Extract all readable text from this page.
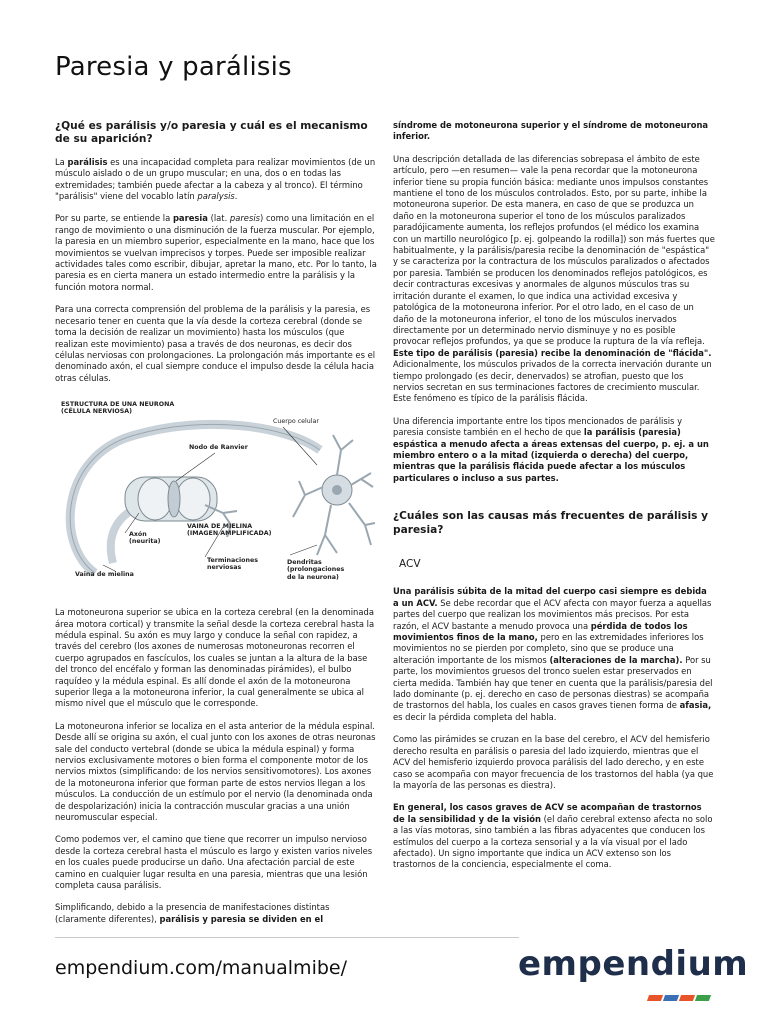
Paresia y parálisis
¿Qué es parálisis y/o paresia y cuál es el mecanismo de su aparición?

La parálisis es una incapacidad completa para realizar movimientos (de un músculo aislado o de un grupo muscular; en una, dos o en todas las extremidades; también puede afectar a la cabeza y al tronco). El término "parálisis" viene del vocablo latín paralysis.

Por su parte, se entiende la paresia (lat. paresis) como una limitación en el rango de movimiento o una disminución de la fuerza muscular. Por ejemplo, la paresia en un miembro superior, especialmente en la mano, hace que los movimientos se vuelvan imprecisos y torpes. Puede ser imposible realizar actividades tales como escribir, dibujar, apretar la mano, etc. Por lo tanto, la paresia es en cierta manera un estado intermedio entre la parálisis y la función motora normal.

Para una correcta comprensión del problema de la parálisis y la paresia, es necesario tener en cuenta que la vía desde la corteza cerebral (donde se toma la decisión de realizar un movimiento) hasta los músculos (que realizan este movimiento) pasa a través de dos neuronas, es decir dos células nerviosas con prolongaciones. La prolongación más importante es el denominado axón, el cual siempre conduce el impulso desde la célula hacia otras células.

ESTRUCTURA DE UNA NEURONA
(CÉLULA NERVIOSA)
Cuerpo celular
Nodo de Ranvier
VAINA DE MIELINA
(IMAGEN AMPLIFICADA)
Axón
(neurita)
Terminaciones
nerviosas
Dendritas (prolongaciones
de la neurona)
Vaina de mielina

La motoneurona superior se ubica en la corteza cerebral (en la denominada área motora cortical) y transmite la señal desde la corteza cerebral hasta la médula espinal. Su axón es muy largo y conduce la señal con rapidez, a través del cerebro (los axones de numerosas motoneuronas recorren el cuerpo agrupados en fascículos, los cuales se juntan a la altura de la base del tronco del encéfalo y forman las denominadas pirámides), el bulbo raquídeo y la médula espinal. Es allí donde el axón de la motoneurona superior llega a la motoneurona inferior, la cual generalmente se ubica al mismo nivel que el músculo que le corresponde.

La motoneurona inferior se localiza en el asta anterior de la médula espinal. Desde allí se origina su axón, el cual junto con los axones de otras neuronas sale del conducto vertebral (donde se ubica la médula espinal) y forma nervios exclusivamente motores o bien forma el componente motor de los nervios mixtos (simplificando: de los nervios sensitivomotores). Los axones de la motoneurona inferior que forman parte de estos nervios llegan a los músculos. La conducción de un estímulo por el nervio (la denominada onda de despolarización) inicia la contracción muscular gracias a una unión neuromuscular especial.

Como podemos ver, el camino que tiene que recorrer un impulso nervioso desde la corteza cerebral hasta el músculo es largo y existen varios niveles en los cuales puede producirse un daño. Una afectación parcial de este camino en cualquier lugar resulta en una paresia, mientras que una lesión completa causa parálisis.

Simplificando, debido a la presencia de manifestaciones distintas (claramente diferentes), parálisis y paresia se dividen en el

síndrome de motoneurona superior y el síndrome de motoneurona inferior.

Una descripción detallada de las diferencias sobrepasa el ámbito de este artículo, pero —en resumen— vale la pena recordar que la motoneurona inferior tiene su propia función básica: mediante unos impulsos constantes mantiene el tono de los músculos controlados. Esto, por su parte, inhibe la motoneurona superior. De esta manera, en caso de que se produzca un daño en la motoneurona superior el tono de los músculos paralizados paradójicamente aumenta, los reflejos profundos (el médico los examina con un martillo neurológico [p. ej. golpeando la rodilla]) son más fuertes que habitualmente, y la parálisis/paresia recibe la denominación de "espástica" y se caracteriza por la contractura de los músculos paralizados o afectados por paresia. También se producen los denominados reflejos patológicos, es decir contracturas excesivas y anormales de algunos músculos tras su irritación durante el examen, lo que indica una actividad excesiva y patológica de la motoneurona inferior. Por el otro lado, en el caso de un daño de la motoneurona inferior, el tono de los músculos inervados directamente por un determinado nervio disminuye y no es posible provocar reflejos profundos, ya que se produce la ruptura de la vía refleja. Este tipo de parálisis (paresia) recibe la denominación de "flácida". Adicionalmente, los músculos privados de la correcta inervación durante un tiempo prolongado (es decir, denervados) se atrofian, puesto que los nervios secretan en sus terminaciones factores de crecimiento muscular. Este fenómeno es típico de la parálisis flácida.

Una diferencia importante entre los tipos mencionados de parálisis y paresia consiste también en el hecho de que la parálisis (paresia) espástica a menudo afecta a áreas extensas del cuerpo, p. ej. a un miembro entero o a la mitad (izquierda o derecha) del cuerpo, mientras que la parálisis flácida puede afectar a los músculos particulares o incluso a sus partes.

¿Cuáles son las causas más frecuentes de parálisis y paresia?
ACV

Una parálisis súbita de la mitad del cuerpo casi siempre es debida a un ACV. Se debe recordar que el ACV afecta con mayor fuerza a aquellas partes del cuerpo que realizan los movimientos más precisos. Por esta razón, el ACV bastante a menudo provoca una pérdida de todos los movimientos finos de la mano, pero en las extremidades inferiores los movimientos no se pierden por completo, sino que se produce una alteración importante de los mismos (alteraciones de la marcha). Por su parte, los movimientos gruesos del tronco suelen estar preservados en cierta medida. También hay que tener en cuenta que la parálisis/paresia del lado dominante (p. ej. derecho en caso de personas diestras) se acompaña de trastornos del habla, los cuales en casos graves tienen forma de afasia, es decir la pérdida completa del habla.

Como las pirámides se cruzan en la base del cerebro, el ACV del hemisferio derecho resulta en parálisis o paresia del lado izquierdo, mientras que el ACV del hemisferio izquierdo provoca parálisis del lado derecho, y en este caso se acompaña con mayor frecuencia de los trastornos del habla (ya que la mayoría de las personas es diestra).

En general, los casos graves de ACV se acompañan de trastornos de la sensibilidad y de la visión (el daño cerebral extenso afecta no solo a las vías motoras, sino también a las fibras adyacentes que conducen los estímulos del cuerpo a la corteza sensorial y a la vía visual por el lado afectado). Un signo importante que indica un ACV extenso son los trastornos de la conciencia, especialmente el coma.

empendium.com/manualmibe/	empendium
